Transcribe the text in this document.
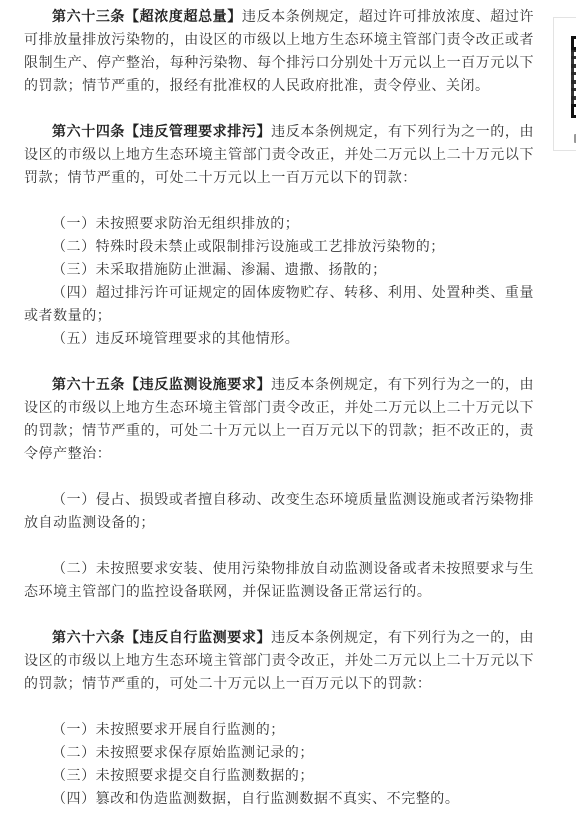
第六十三条【超浓度超总量】违反本条例规定，超过许可排放浓度、超过许可排放量排放污染物的，由设区的市级以上地方生态环境主管部门责令改正或者限制生产、停产整治，每种污染物、每个排污口分别处十万元以上一百万元以下的罚款；情节严重的，报经有批准权的人民政府批准，责令停业、关闭。

第六十四条【违反管理要求排污】违反本条例规定，有下列行为之一的，由设区的市级以上地方生态环境主管部门责令改正，并处二万元以上二十万元以下罚款；情节严重的，可处二十万元以上一百万元以下的罚款：

（一）未按照要求防治无组织排放的；

（二）特殊时段未禁止或限制排污设施或工艺排放污染物的；

（三）未采取措施防止泄漏、渗漏、遗撒、扬散的；

（四）超过排污许可证规定的固体废物贮存、转移、利用、处置种类、重量或者数量的；

（五）违反环境管理要求的其他情形。

第六十五条【违反监测设施要求】违反本条例规定，有下列行为之一的，由设区的市级以上地方生态环境主管部门责令改正，并处二万元以上二十万元以下的罚款；情节严重的，可处二十万元以上一百万元以下的罚款；拒不改正的，责令停产整治：

（一）侵占、损毁或者擅自移动、改变生态环境质量监测设施或者污染物排放自动监测设备的；

（二）未按照要求安装、使用污染物排放自动监测设备或者未按照要求与生态环境主管部门的监控设备联网，并保证监测设备正常运行的。

第六十六条【违反自行监测要求】违反本条例规定，有下列行为之一的，由设区的市级以上地方生态环境主管部门责令改正，并处二万元以上二十万元以下的罚款；情节严重的，可处二十万元以上一百万元以下的罚款：

（一）未按照要求开展自行监测的；

（二）未按照要求保存原始监测记录的；

（三）未按照要求提交自行监测数据的；

（四）篡改和伪造监测数据，自行监测数据不真实、不完整的。
